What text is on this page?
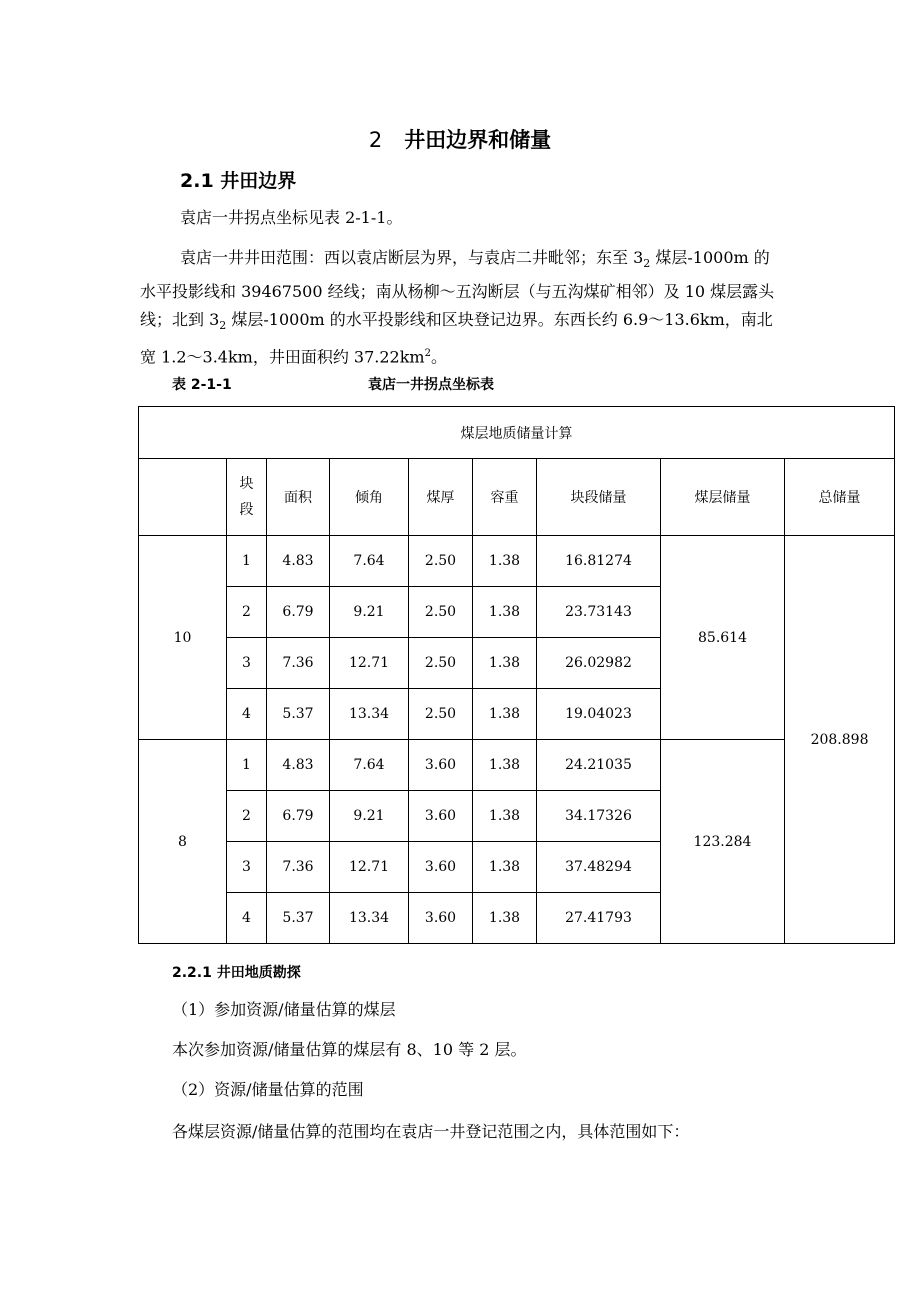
2 井田边界和储量
2.1 井田边界
袁店一井拐点坐标见表 2-1-1。
袁店一井井田范围：西以袁店断层为界，与袁店二井毗邻；东至 $3_2$ 煤层-1000m 的水平投影线和 39467500 经线；南从杨柳～五沟断层（与五沟煤矿相邻）及 10 煤层露头线；北到 $3_2$ 煤层-1000m 的水平投影线和区块登记边界。东西长约 6.9～13.6km，南北宽 1.2～3.4km，井田面积约 $37.22km^2$。
表 2-1-1	袁店一井拐点坐标表
煤层地质储量计算								
	块段	面积	倾角	煤厚	容重	块段储量	煤层储量	总储量
10	1	4.83	7.64	2.50	1.38	16.81274	85.614	208.898
	2	6.79	9.21	2.50	1.38	23.73143		
	3	7.36	12.71	2.50	1.38	26.02982		
	4	5.37	13.34	2.50	1.38	19.04023		
8	1	4.83	7.64	3.60	1.38	24.21035	123.284	
	2	6.79	9.21	3.60	1.38	34.17326		
	3	7.36	12.71	3.60	1.38	37.48294		
	4	5.37	13.34	3.60	1.38	27.41793		
2.2.1 井田地质勘探
（1）参加资源/储量估算的煤层
本次参加资源/储量估算的煤层有 8、10 等 2 层。
（2）资源/储量估算的范围
各煤层资源/储量估算的范围均在袁店一井登记范围之内，具体范围如下：
